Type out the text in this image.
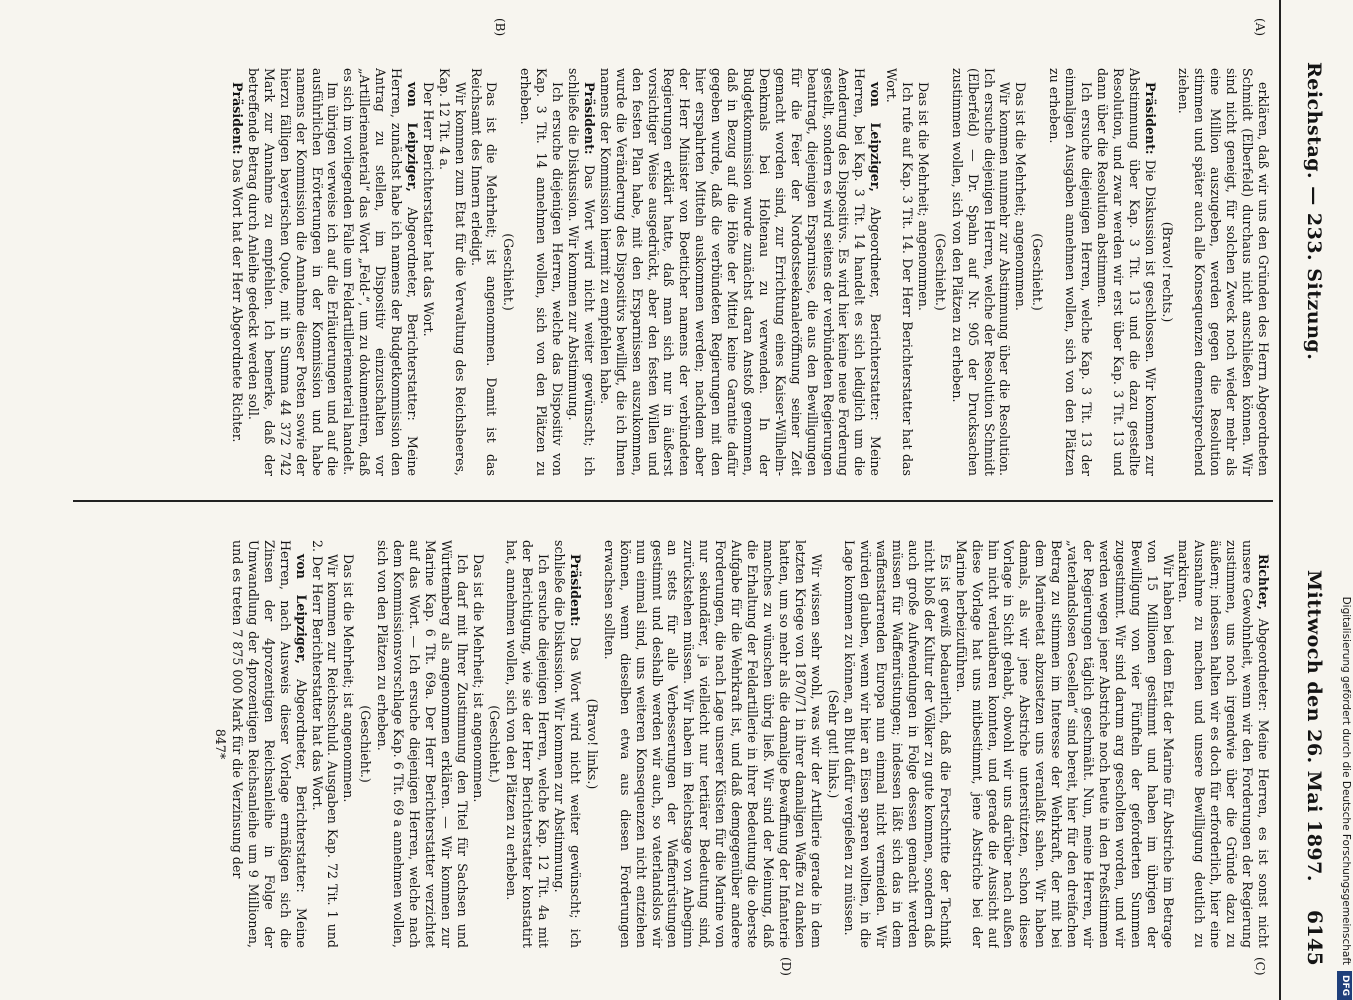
Reichstag. — 233. Sitzung.
Mittwoch den 26. Mai 1897.
6145
(A)
(B)
(C)
(D)

erklären, daß wir uns den Gründen des Herrn Abgeordneten Schmidt (Elberfeld) durchaus nicht anschließen können. Wir sind nicht geneigt, für solchen Zweck noch wieder mehr als eine Million auszugeben, werden gegen die Resolution stimmen und später auch alle Konsequenzen dementsprechend ziehen.

(Bravo! rechts.)

Präsident: Die Diskussion ist geschlossen. Wir kommen zur Abstimmung über Kap. 3 Tit. 13 und die dazu gestellte Resolution, und zwar werden wir erst über Kap. 3 Tit. 13 und dann über die Resolution abstimmen.

Ich ersuche diejenigen Herren, welche Kap. 3 Tit. 13 der einmaligen Ausgaben annehmen wollen, sich von den Plätzen zu erheben.

(Geschieht.)

Das ist die Mehrheit; angenommen.

Wir kommen nunmehr zur Abstimmung über die Resolution. Ich ersuche diejenigen Herren, welche der Resolution Schmidt (Elberfeld) — Dr. Spahn auf Nr. 905 der Drucksachen zustimmen wollen, sich von den Plätzen zu erheben.

(Geschieht.)

Das ist die Mehrheit; angenommen.

Ich rufe auf Kap. 3 Tit. 14. Der Herr Berichterstatter hat das Wort.

von Leipziger, Abgeordneter, Berichterstatter: Meine Herren, bei Kap. 3 Tit. 14 handelt es sich lediglich um die Aenderung des Dispositivs. Es wird hier keine neue Forderung gestellt, sondern es wird seitens der verbündeten Regierungen beantragt, diejenigen Ersparnisse, die aus den Bewilligungen für die Feier der Nordostseekanaleröffnung seiner Zeit gemacht worden sind, zur Errichtung eines Kaiser-Wilhelm-Denkmals bei Holtenau zu verwenden. In der Budgetkommission wurde zunächst daran Anstoß genommen, daß in Bezug auf die Höhe der Mittel keine Garantie dafür gegeben wurde, daß die verbündeten Regierungen mit den hier erspahrten Mitteln auskommen werden; nachdem aber der Herr Minister von Boetticher namens der verbündeten Regierungen erklärt hatte, daß man sich nur in äußerst vorsichtiger Weise ausgedrückt, aber den festen Willen und den festen Plan habe, mit den Ersparnissen auszukommen, wurde die Veränderung des Dispositivs bewilligt, die ich Ihnen namens der Kommission hiermit zu empfehlen habe.

Präsident: Das Wort wird nicht weiter gewünscht; ich schließe die Diskussion. Wir kommen zur Abstimmung.

Ich ersuche diejenigen Herren, welche das Dispositiv von Kap. 3 Tit. 14 annehmen wollen, sich von den Plätzen zu erheben.

(Geschieht.)

Das ist die Mehrheit; ist angenommen. Damit ist das Reichsamt des Innern erledigt.

Wir kommen zum Etat für die Verwaltung des Reichsheeres, Kap. 12 Tit. 4 a.

Der Herr Berichterstatter hat das Wort.

von Leipziger, Abgeordneter, Berichterstatter: Meine Herren, zunächst habe ich namens der Budgetkommission den Antrag zu stellen, im Dispositiv einzuschalten vor „Artilleriematerial“ das Wort „Feld-“, um zu dokumentiren, daß es sich im vorliegenden Falle um Feldartilleriematerial handelt.

Im übrigen verweise ich auf die Erläuterungen und auf die ausführlichen Erörterungen in der Kommission und habe namens der Kommission die Annahme dieser Posten sowie der hierzu fälligen bayerischen Quote, mit in Summa 44 372 742 Mark zur Annahme zu empfehlen. Ich bemerke, daß der betreffende Betrag durch Anleihe gedeckt werden soll.

Präsident: Das Wort hat der Herr Abgeordnete Richter.

Richter, Abgeordneter: Meine Herren, es ist sonst nicht unsere Gewohnheit, wenn wir den Forderungen der Regierung zustimmen, uns noch irgendwie über die Gründe dazu zu äußern; indessen halten wir es doch für erforderlich, hier eine Ausnahme zu machen und unsere Bewilligung deutlich zu markiren.

Wir haben bei dem Etat der Marine für Abstriche im Betrage von 15 Millionen gestimmt und haben im übrigen der Bewilligung von vier Fünfteln der geforderten Summen zugestimmt. Wir sind darum arg gescholten worden, und wir werden wegen jener Abstriche noch heute in den Preßstimmen der Regierungen täglich geschmäht. Nun, meine Herren, wir „vaterlandslosen Gesellen“ sind bereit, hier für den dreifachen Betrag zu stimmen im Interesse der Wehrkraft, der mit bei dem Marineetat abzusetzen uns veranlaßt sahen. Wir haben damals, als wir jene Abstriche unterstützten, schon diese Vorlage in Sicht gehabt, obwohl wir uns darüber nach außen hin nicht verlautbaren konnten, und gerade die Aussicht auf diese Vorlage hat uns mitbestimmt, jene Abstriche bei der Marine herbeizuführen.

Es ist gewiß bedauerlich, daß die Fortschritte der Technik nicht bloß der Kultur der Völker zu gute kommen, sondern daß auch große Aufwendungen in Folge dessen gemacht werden müssen für Waffenrüstungen; indessen läßt sich das in dem waffenstarrenden Europa nun einmal nicht vermeiden. Wir würden glauben, wenn wir hier an Eisen sparen wollten, in die Lage kommen zu können, an Blut dafür vergießen zu müssen.

(Sehr gut! links.)

Wir wissen sehr wohl, was wir der Artillerie gerade in dem letzten Kriege von 1870/71 in ihrer damaligen Waffe zu danken hatten, um so mehr als die damalige Bewaffnung der Infanterie manches zu wünschen übrig ließ. Wir sind der Meinung, daß die Erhaltung der Feldartillerie in ihrer Bedeutung die oberste Aufgabe für die Wehrkraft ist, und daß demgegenüber andere Forderungen, die nach Lage unserer Küsten für die Marine von nur sekundärer, ja vielleicht nur tertiärer Bedeutung sind, zurückstehen müssen. Wir haben im Reichstage von Anbeginn an stets für alle Verbesserungen der Waffenrüstungen gestimmt und deshalb werden wir auch, so vaterlandslos wir nun einmal sind, uns weiteren Konsequenzen nicht entziehen können, wenn dieselben etwa aus diesen Forderungen erwachsen sollten.

(Bravo! links.)

Präsident: Das Wort wird nicht weiter gewünscht; ich schließe die Diskussion. Wir kommen zur Abstimmung.

Ich ersuche diejenigen Herren, welche Kap. 12 Tit. 4a mit der Berichtigung, wie sie der Herr Berichterstatter konstatirt hat, annehmen wollen, sich von den Plätzen zu erheben.

(Geschieht.)

Das ist die Mehrheit; ist angenommen.

Ich darf mit Ihrer Zustimmung den Titel für Sachsen und Württemberg als angenommen erklären. — Wir kommen zur Marine Kap. 6 Tit. 69a. Der Herr Berichterstatter verzichtet auf das Wort. — Ich ersuche diejenigen Herren, welche nach dem Kommissionsvorschlage Kap. 6 Tit. 69 a annehmen wollen, sich von den Plätzen zu erheben.

(Geschieht.)

Das ist die Mehrheit; ist angenommen.

Wir kommen zur Reichsschuld. Ausgaben Kap. 72 Tit. 1 und 2. Der Herr Berichterstatter hat das Wort.

von Leipziger, Abgeordneter, Berichterstatter: Meine Herren, nach Ausweis dieser Vorlage ermäßigen sich die Zinsen der 4prozentigen Reichsanleihe in Folge der Umwandlung der 4prozentigen Reichsanleihe um 9 Millionen, und es treten 7 875 000 Mark für die Verzinsung der

847*	Digitalisierung gefördert durch die Deutsche ForschungsgemeinschaftDFG
